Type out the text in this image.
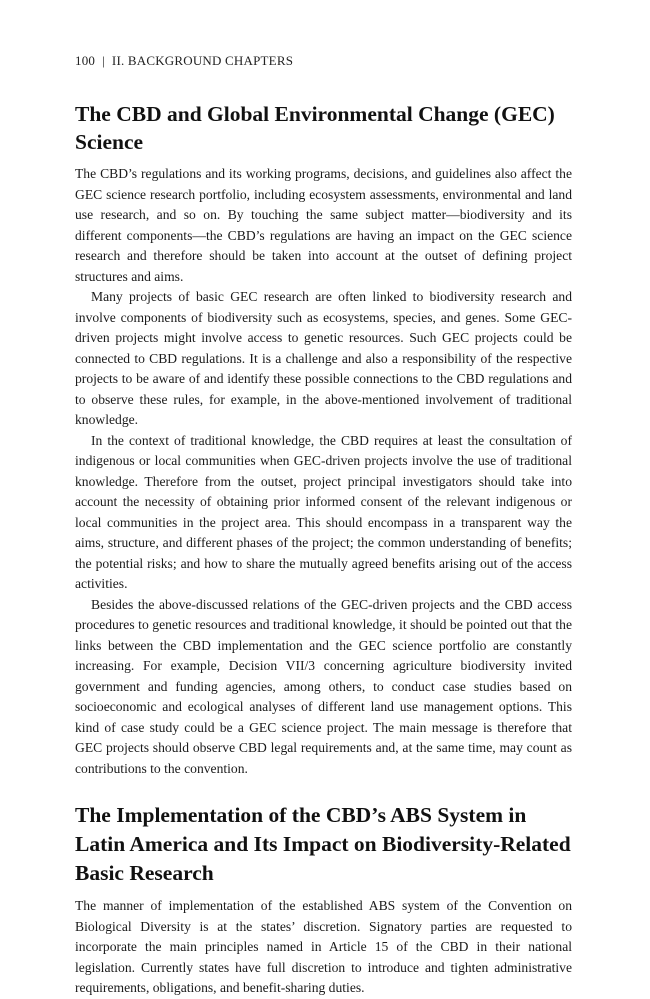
100 | II. BACKGROUND CHAPTERS
The CBD and Global Environmental Change (GEC) Science

The CBD’s regulations and its working programs, decisions, and guidelines also affect the GEC science research portfolio, including ecosystem assessments, environmental and land use research, and so on. By touching the same subject matter—biodiversity and its different components—the CBD’s regulations are having an impact on the GEC science research and therefore should be taken into account at the outset of defining project structures and aims.

Many projects of basic GEC research are often linked to biodiversity research and involve components of biodiversity such as ecosystems, species, and genes. Some GEC-driven projects might involve access to genetic resources. Such GEC projects could be connected to CBD regulations. It is a challenge and also a responsibility of the respective projects to be aware of and identify these possible connections to the CBD regulations and to observe these rules, for example, in the above-mentioned involvement of traditional knowledge.

In the context of traditional knowledge, the CBD requires at least the consultation of indigenous or local communities when GEC-driven projects involve the use of traditional knowledge. Therefore from the outset, project principal investigators should take into account the necessity of obtaining prior informed consent of the relevant indigenous or local communities in the project area. This should encompass in a transparent way the aims, structure, and different phases of the project; the common understanding of benefits; the potential risks; and how to share the mutually agreed benefits arising out of the access activities.

Besides the above-discussed relations of the GEC-driven projects and the CBD access procedures to genetic resources and traditional knowledge, it should be pointed out that the links between the CBD implementation and the GEC science portfolio are constantly increasing. For example, Decision VII/3 concerning agriculture biodiversity invited government and funding agencies, among others, to conduct case studies based on socioeconomic and ecological analyses of different land use management options. This kind of case study could be a GEC science project. The main message is therefore that GEC projects should observe CBD legal requirements and, at the same time, may count as contributions to the convention.

The Implementation of the CBD’s ABS System in Latin America and Its Impact on Biodiversity-Related Basic Research

The manner of implementation of the established ABS system of the Convention on Biological Diversity is at the states’ discretion. Signatory parties are requested to incorporate the main principles named in Article 15 of the CBD in their national legislation. Currently states have full discretion to introduce and tighten administrative requirements, obligations, and benefit-sharing duties.
